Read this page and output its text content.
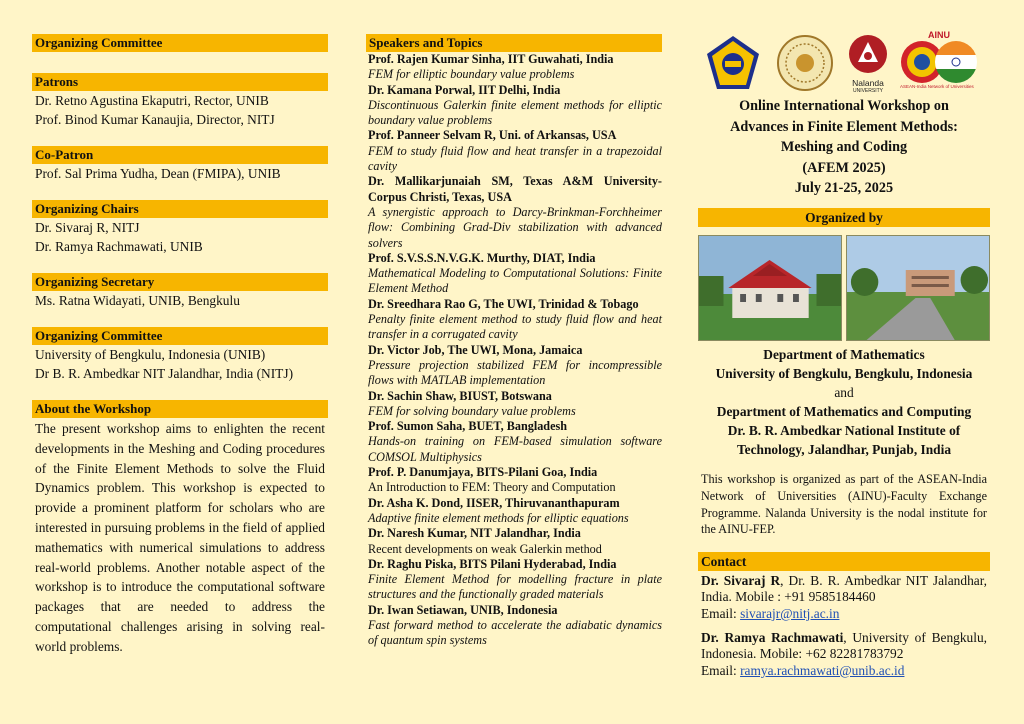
Organizing Committee
Patrons
Dr. Retno Agustina Ekaputri, Rector, UNIB
Prof. Binod Kumar Kanaujia, Director, NITJ
Co-Patron
Prof. Sal Prima Yudha, Dean (FMIPA), UNIB
Organizing Chairs
Dr. Sivaraj R, NITJ
Dr. Ramya Rachmawati, UNIB
Organizing Secretary
Ms. Ratna Widayati, UNIB, Bengkulu
Organizing Committee
University of Bengkulu, Indonesia (UNIB)
Dr B. R. Ambedkar NIT Jalandhar, India (NITJ)
About the Workshop
The present workshop aims to enlighten the recent developments in the Meshing and Coding procedures of the Finite Element Methods to solve the Fluid Dynamics problem. This workshop is expected to provide a prominent platform for scholars who are interested in pursuing problems in the field of applied mathematics with numerical simulations to address real-world problems. Another notable aspect of the workshop is to introduce the computational software packages that are needed to address the computational challenges arising in solving real-world problems.
Speakers and Topics
Prof. Rajen Kumar Sinha, IIT Guwahati, India
FEM for elliptic boundary value problems
Dr. Kamana Porwal, IIT Delhi, India
Discontinuous Galerkin finite element methods for elliptic boundary value problems
Prof. Panneer Selvam R, Uni. of Arkansas, USA
FEM to study fluid flow and heat transfer in a trapezoidal cavity
Dr. Mallikarjunaiah SM, Texas A&M University-Corpus Christi, Texas, USA
A synergistic approach to Darcy-Brinkman-Forchheimer flow: Combining Grad-Div stabilization with advanced solvers
Prof. S.V.S.S.N.V.G.K. Murthy, DIAT, India
Mathematical Modeling to Computational Solutions: Finite Element Method
Dr. Sreedhara Rao G, The UWI, Trinidad & Tobago
Penalty finite element method to study fluid flow and heat transfer in a corrugated cavity
Dr. Victor Job, The UWI, Mona, Jamaica
Pressure projection stabilized FEM for incompressible flows with MATLAB implementation
Dr. Sachin Shaw, BIUST, Botswana
FEM for solving boundary value problems
Prof. Sumon Saha, BUET, Bangladesh
Hands-on training on FEM-based simulation software COMSOL Multiphysics
Prof. P. Danumjaya, BITS-Pilani Goa, India
An Introduction to FEM: Theory and Computation
Dr. Asha K. Dond, IISER, Thiruvananthapuram
Adaptive finite element methods for elliptic equations
Dr. Naresh Kumar, NIT Jalandhar, India
Recent developments on weak Galerkin method
Dr. Raghu Piska, BITS Pilani Hyderabad, India
Finite Element Method for modelling fracture in plate structures and the functionally graded materials
Dr. Iwan Setiawan, UNIB, Indonesia
Fast forward method to accelerate the adiabatic dynamics of quantum spin systems
Nalanda
UNIVERSITY
AINU
ASEAN-India Network of Universities
Online International Workshop on
Advances in Finite Element Methods:
Meshing and Coding
(AFEM 2025)
July 21-25, 2025
Organized by
Department of Mathematics
University of Bengkulu, Bengkulu, Indonesia
and
Department of Mathematics and Computing
Dr. B. R. Ambedkar National Institute of
Technology, Jalandhar, Punjab, India
This workshop is organized as part of the ASEAN-India Network of Universities (AINU)-Faculty Exchange Programme. Nalanda University is the nodal institute for the AINU-FEP.
Contact
Dr. Sivaraj R, Dr. B. R. Ambedkar NIT Jalandhar, India. Mobile : +91 9585184460
Email: sivarajr@nitj.ac.in
Dr. Ramya Rachmawati, University of Bengkulu, Indonesia. Mobile: +62 82281783792
Email: ramya.rachmawati@unib.ac.id
